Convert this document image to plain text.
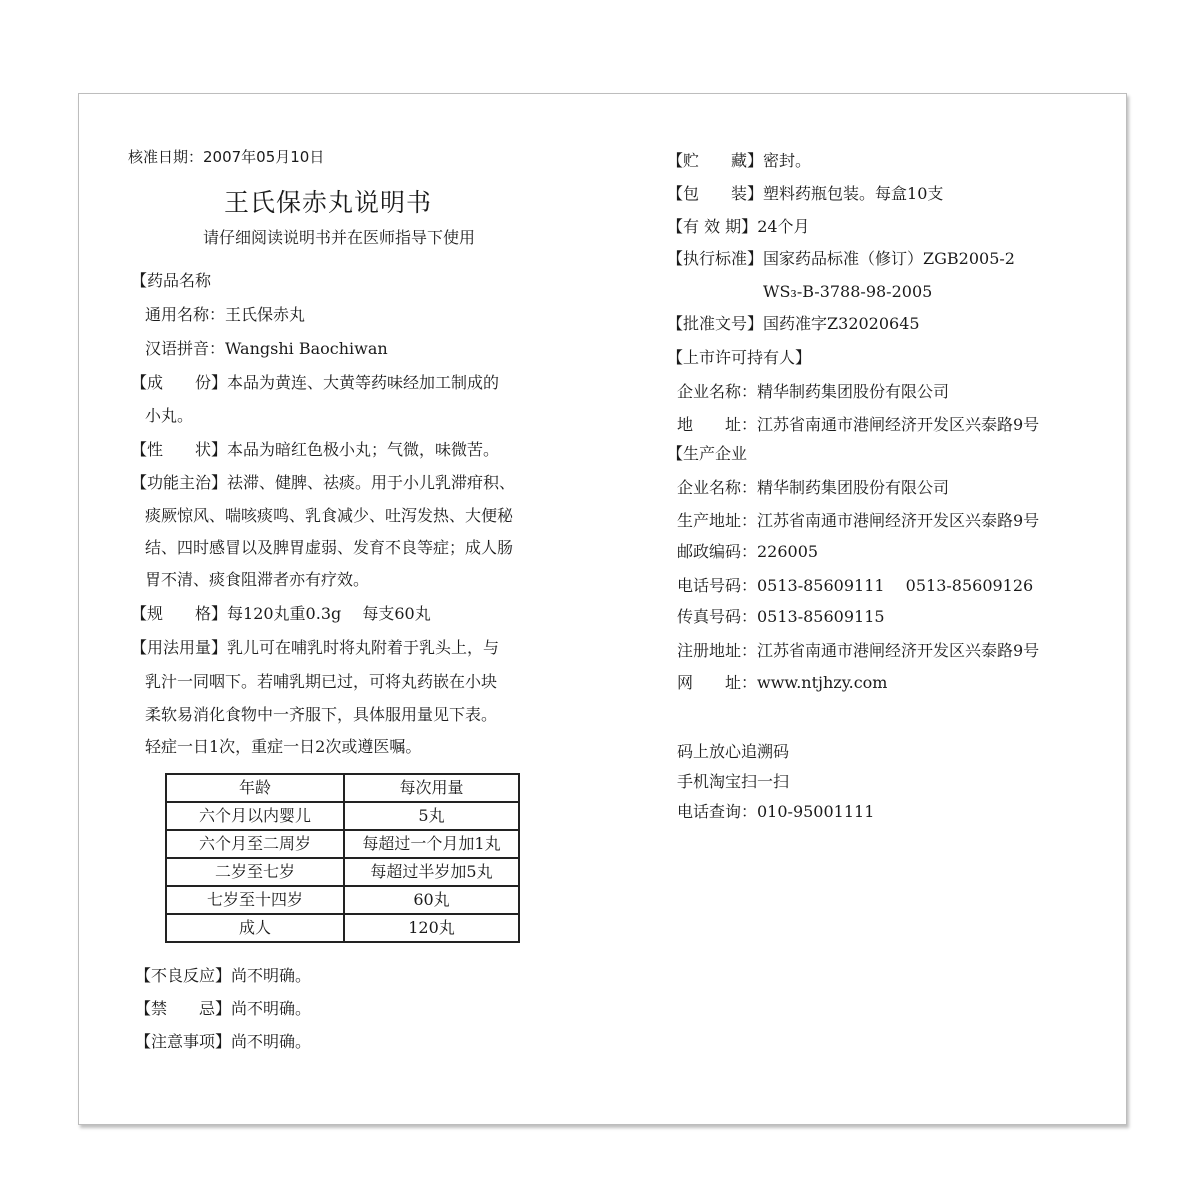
核准日期：2007年05月10日
王氏保赤丸说明书
请仔细阅读说明书并在医师指导下使用
【药品名称
通用名称：王氏保赤丸
汉语拼音：Wangshi Baochiwan
【成　　份】本品为黄连、大黄等药味经加工制成的
小丸。
【性　　状】本品为暗红色极小丸；气微，味微苦。
【功能主治】祛滞、健脾、祛痰。用于小儿乳滞疳积、
痰厥惊风、喘咳痰鸣、乳食减少、吐泻发热、大便秘
结、四时感冒以及脾胃虚弱、发育不良等症；成人肠
胃不清、痰食阻滞者亦有疗效。
【规　　格】每120丸重0.3g　 每支60丸
【用法用量】乳儿可在哺乳时将丸附着于乳头上，与
乳汁一同咽下。若哺乳期已过，可将丸药嵌在小块
柔软易消化食物中一齐服下，具体服用量见下表。
轻症一日1次，重症一日2次或遵医嘱。
年龄	每次用量
六个月以内婴儿	5丸
六个月至二周岁	每超过一个月加1丸
二岁至七岁	每超过半岁加5丸
七岁至十四岁	60丸
成人	120丸
【不良反应】尚不明确。
【禁　　忌】尚不明确。
【注意事项】尚不明确。
【贮　　藏】密封。
【包　　装】塑料药瓶包装。每盒10支
【有 效 期】24个月
【执行标准】国家药品标准（修订）ZGB2005-2
WS₃-B-3788-98-2005
【批准文号】国药准字Z32020645
【上市许可持有人】
企业名称：精华制药集团股份有限公司
地　　址：江苏省南通市港闸经济开发区兴泰路9号
【生产企业
企业名称：精华制药集团股份有限公司
生产地址：江苏省南通市港闸经济开发区兴泰路9号
邮政编码：226005
电话号码：0513-85609111　 0513-85609126
传真号码：0513-85609115
注册地址：江苏省南通市港闸经济开发区兴泰路9号
网　　址：www.ntjhzy.com
码上放心追溯码
手机淘宝扫一扫
电话查询：010-95001111
